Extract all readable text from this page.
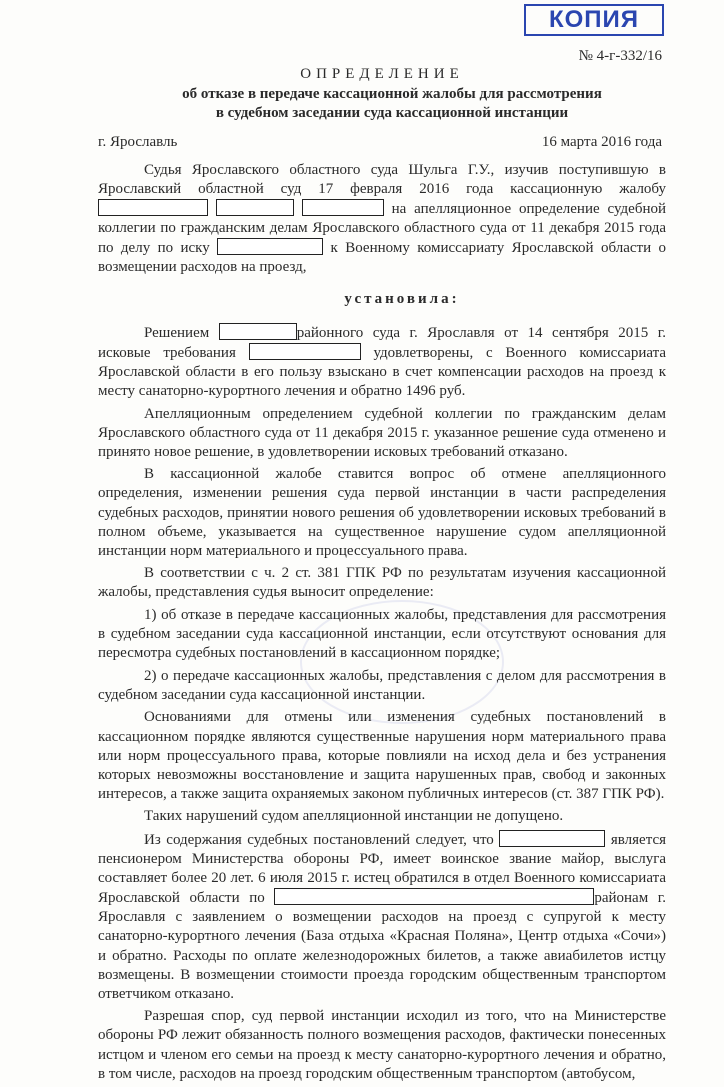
КОПИЯ
№ 4-г-332/16
ОПРЕДЕЛЕНИЕ
об отказе в передаче кассационной жалобы для рассмотрения
в судебном заседании суда кассационной инстанции
г. Ярославль	16 марта 2016 года

Судья Ярославского областного суда Шульга Г.У., изучив поступившую в Ярославский областной суд 17 февраля 2016 года кассационную жалобу    на апелляционное определение судебной коллегии по гражданским делам Ярославского областного суда от 11 декабря 2015 года по делу по иску	к Военному комиссариату Ярославской области о возмещении расходов на проезд,

установила:

Решением	районного суда г. Ярославля от 14 сентября 2015 г. исковые требования	удовлетворены, с Военного комиссариата Ярославской области в его пользу взыскано в счет компенсации расходов на проезд к месту санаторно-курортного лечения и обратно 1496 руб.

Апелляционным определением судебной коллегии по гражданским делам Ярославского областного суда от 11 декабря 2015 г. указанное решение суда отменено и принято новое решение, в удовлетворении исковых требований отказано.

В кассационной жалобе ставится вопрос об отмене апелляционного определения, изменении решения суда первой инстанции в части распределения судебных расходов, принятии нового решения об удовлетворении исковых требований в полном объеме, указывается на существенное нарушение судом апелляционной инстанции норм материального и процессуального права.

В соответствии с ч. 2 ст. 381 ГПК РФ по результатам изучения кассационной жалобы, представления судья выносит определение:

1) об отказе в передаче кассационных жалобы, представления для рассмотрения в судебном заседании суда кассационной инстанции, если отсутствуют основания для пересмотра судебных постановлений в кассационном порядке;

2) о передаче кассационных жалобы, представления с делом для рассмотрения в судебном заседании суда кассационной инстанции.

Основаниями для отмены или изменения судебных постановлений в кассационном порядке являются существенные нарушения норм материального права или норм процессуального права, которые повлияли на исход дела и без устранения которых невозможны восстановление и защита нарушенных прав, свобод и законных интересов, а также защита охраняемых законом публичных интересов (ст. 387 ГПК РФ).

Таких нарушений судом апелляционной инстанции не допущено.

Из содержания судебных постановлений следует, что	является пенсионером Министерства обороны РФ, имеет воинское звание майор, выслуга составляет более 20 лет. 6 июля 2015 г. истец обратился в отдел Военного комиссариата Ярославской области по	районам г. Ярославля с заявлением о возмещении расходов на проезд с супругой к месту санаторно-курортного лечения (База отдыха «Красная Поляна», Центр отдыха «Сочи») и обратно. Расходы по оплате железнодорожных билетов, а также авиабилетов истцу возмещены. В возмещении стоимости проезда городским общественным транспортом ответчиком отказано.

Разрешая спор, суд первой инстанции исходил из того, что на Министерстве обороны РФ лежит обязанность полного возмещения расходов, фактически понесенных истцом и членом его семьи на проезд к месту санаторно-курортного лечения и обратно, в том числе, расходов на проезд городским общественным транспортом (автобусом,
